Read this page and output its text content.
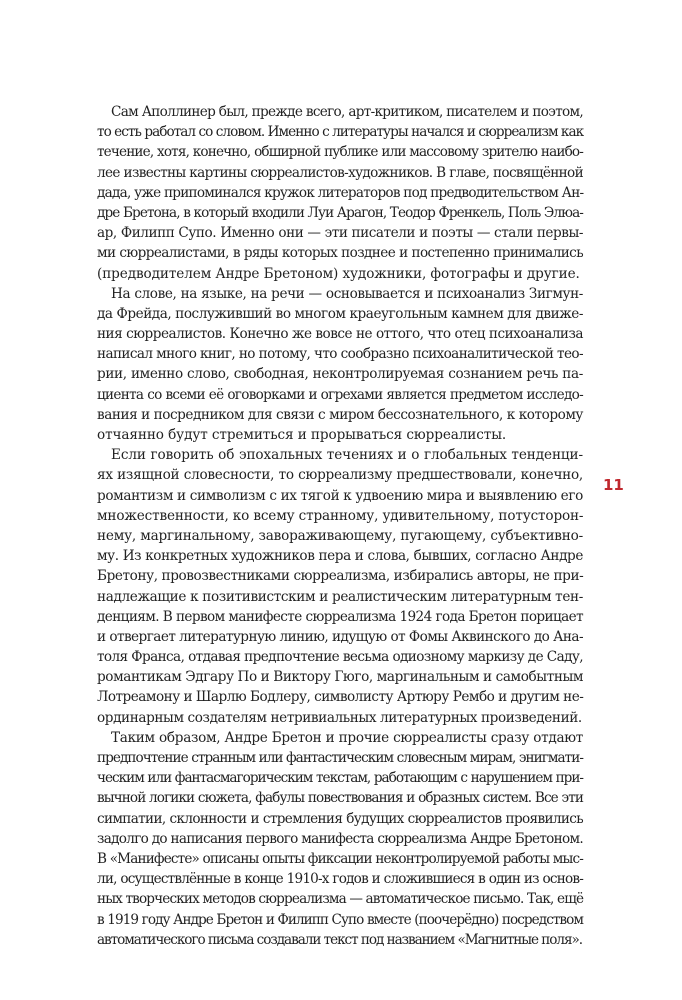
Сам Аполлинер был, прежде всего, арт-критиком, писателем и поэтом,
то есть работал со словом. Именно с литературы начался и сюрреализм как
течение, хотя, конечно, обширной публике или массовому зрителю наибо-
лее известны картины сюрреалистов-художников. В главе, посвящённой
дада, уже припоминался кружок литераторов под предводительством Ан-
дре Бретона, в который входили Луи Арагон, Теодор Френкель, Поль Элюа-
ар, Филипп Супо. Именно они — эти писатели и поэты — стали первы-
ми сюрреалистами, в ряды которых позднее и постепенно принимались
(предводителем Андре Бретоном) художники, фотографы и другие.
На слове, на языке, на речи — основывается и психоанализ Зигмун-
да Фрейда, послуживший во многом краеугольным камнем для движе-
ния сюрреалистов. Конечно же вовсе не оттого, что отец психоанализа
написал много книг, но потому, что сообразно психоаналитической тео-
рии, именно слово, свободная, неконтролируемая сознанием речь па-
циента со всеми её оговорками и огрехами является предметом исследо-
вания и посредником для связи с миром бессознательного, к которому
отчаянно будут стремиться и прорываться сюрреалисты.
Если говорить об эпохальных течениях и о глобальных тенденци-
ях изящной словесности, то сюрреализму предшествовали, конечно,
романтизм и символизм с их тягой к удвоению мира и выявлению его
множественности, ко всему странному, удивительному, потусторон-
нему, маргинальному, завораживающему, пугающему, субъективно-
му. Из конкретных художников пера и слова, бывших, согласно Андре
Бретону, провозвестниками сюрреализма, избирались авторы, не при-
надлежащие к позитивистским и реалистическим литературным тен-
денциям. В первом манифесте сюрреализма 1924 года Бретон порицает
и отвергает литературную линию, идущую от Фомы Аквинского до Ана-
толя Франса, отдавая предпочтение весьма одиозному маркизу де Саду,
романтикам Эдгару По и Виктору Гюго, маргинальным и самобытным
Лотреамону и Шарлю Бодлеру, символисту Артюру Рембо и другим не-
ординарным создателям нетривиальных литературных произведений.
Таким образом, Андре Бретон и прочие сюрреалисты сразу отдают
предпочтение странным или фантастическим словесным мирам, энигмати-
ческим или фантасмагорическим текстам, работающим с нарушением при-
вычной логики сюжета, фабулы повествования и образных систем. Все эти
симпатии, склонности и стремления будущих сюрреалистов проявились
задолго до написания первого манифеста сюрреализма Андре Бретоном.
В «Манифесте» описаны опыты фиксации неконтролируемой работы мыс-
ли, осуществлённые в конце 1910-х годов и сложившиеся в один из основ-
ных творческих методов сюрреализма — автоматическое письмо. Так, ещё
в 1919 году Андре Бретон и Филипп Супо вместе (поочерёдно) посредством
автоматического письма создавали текст под названием «Магнитные поля».
11
